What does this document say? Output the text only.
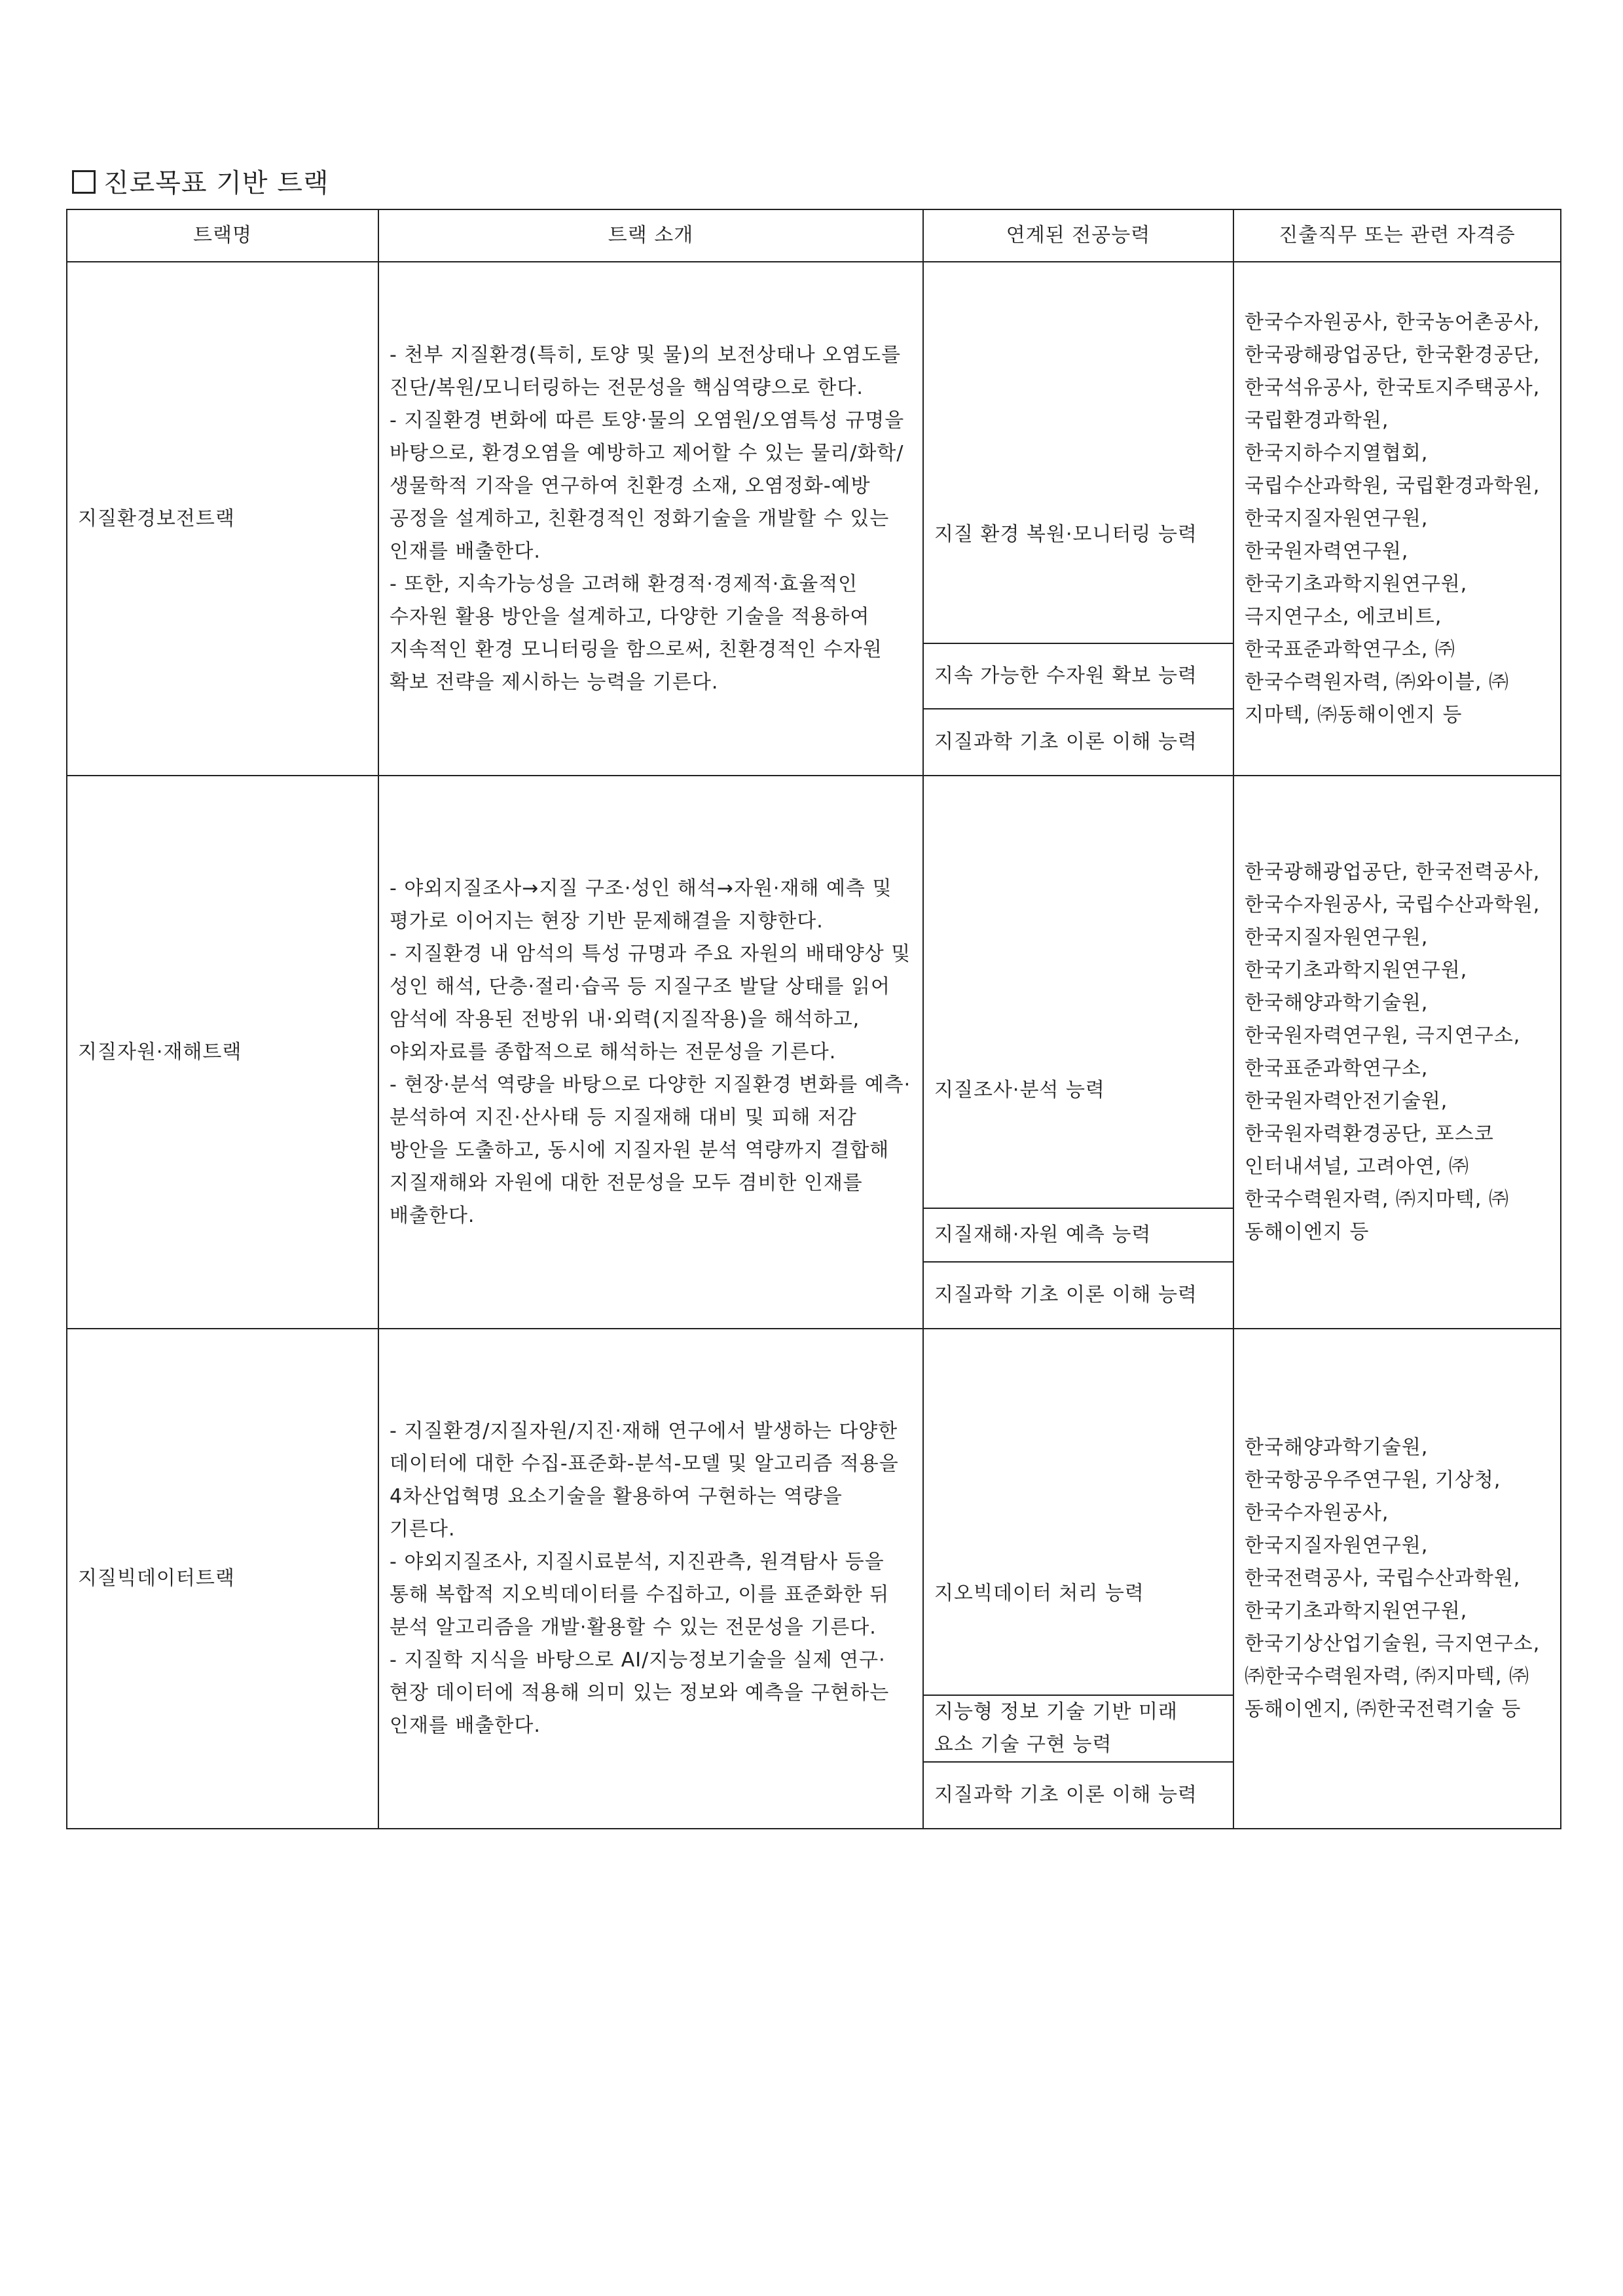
진로목표 기반 트랙
트랙명	트랙 소개	연계된 전공능력	진출직무 또는 관련 자격증
지질환경보전트랙	- 천부 지질환경(특히, 토양 및 물)의 보전상태나 오염도를 진단/복원/모니터링하는 전문성을 핵심역량으로 한다.

- 지질환경 변화에 따른 토양·물의 오염원/오염특성 규명을 바탕으로, 환경오염을 예방하고 제어할 수 있는 물리/화학/생물학적 기작을 연구하여 친환경 소재, 오염정화-예방 공정을 설계하고, 친환경적인 정화기술을 개발할 수 있는 인재를 배출한다.

- 또한, 지속가능성을 고려해 환경적·경제적·효율적인 수자원 활용 방안을 설계하고, 다양한 기술을 적용하여 지속적인 환경 모니터링을 함으로써, 친환경적인 수자원 확보 전략을 제시하는 능력을 기른다.	지질 환경 복원·모니터링 능력	한국수자원공사, 한국농어촌공사, 한국광해광업공단, 한국환경공단, 한국석유공사, 한국토지주택공사, 국립환경과학원, 한국지하수지열협회, 국립수산과학원, 국립환경과학원, 한국지질자원연구원, 한국원자력연구원, 한국기초과학지원연구원, 극지연구소, 에코비트, 한국표준과학연구소, ㈜한국수력원자력, ㈜와이블, ㈜지마텍, ㈜동해이엔지 등
		지속 가능한 수자원 확보 능력	
		지질과학 기초 이론 이해 능력	
지질자원·재해트랙	- 야외지질조사→지질 구조·성인 해석→자원·재해 예측 및 평가로 이어지는 현장 기반 문제해결을 지향한다.

- 지질환경 내 암석의 특성 규명과 주요 자원의 배태양상 및 성인 해석, 단층·절리·습곡 등 지질구조 발달 상태를 읽어 암석에 작용된 전방위 내·외력(지질작용)을 해석하고, 야외자료를 종합적으로 해석하는 전문성을 기른다.

- 현장·분석 역량을 바탕으로 다양한 지질환경 변화를 예측·분석하여 지진·산사태 등 지질재해 대비 및 피해 저감 방안을 도출하고, 동시에 지질자원 분석 역량까지 결합해 지질재해와 자원에 대한 전문성을 모두 겸비한 인재를 배출한다.	지질조사·분석 능력	한국광해광업공단, 한국전력공사, 한국수자원공사, 국립수산과학원, 한국지질자원연구원, 한국기초과학지원연구원, 한국해양과학기술원, 한국원자력연구원, 극지연구소, 한국표준과학연구소, 한국원자력안전기술원, 한국원자력환경공단, 포스코 인터내셔널, 고려아연, ㈜한국수력원자력, ㈜지마텍, ㈜동해이엔지 등
		지질재해·자원 예측 능력	
		지질과학 기초 이론 이해 능력	
지질빅데이터트랙	- 지질환경/지질자원/지진·재해 연구에서 발생하는 다양한 데이터에 대한 수집-표준화-분석-모델 및 알고리즘 적용을 4차산업혁명 요소기술을 활용하여 구현하는 역량을 기른다.

- 야외지질조사, 지질시료분석, 지진관측, 원격탐사 등을 통해 복합적 지오빅데이터를 수집하고, 이를 표준화한 뒤 분석 알고리즘을 개발·활용할 수 있는 전문성을 기른다.

- 지질학 지식을 바탕으로 AI/지능정보기술을 실제 연구·현장 데이터에 적용해 의미 있는 정보와 예측을 구현하는 인재를 배출한다.	지오빅데이터 처리 능력	한국해양과학기술원, 한국항공우주연구원, 기상청, 한국수자원공사, 한국지질자원연구원, 한국전력공사, 국립수산과학원, 한국기초과학지원연구원, 한국기상산업기술원, 극지연구소, ㈜한국수력원자력, ㈜지마텍, ㈜동해이엔지, ㈜한국전력기술 등
		지능형 정보 기술 기반 미래 요소 기술 구현 능력	
		지질과학 기초 이론 이해 능력	
